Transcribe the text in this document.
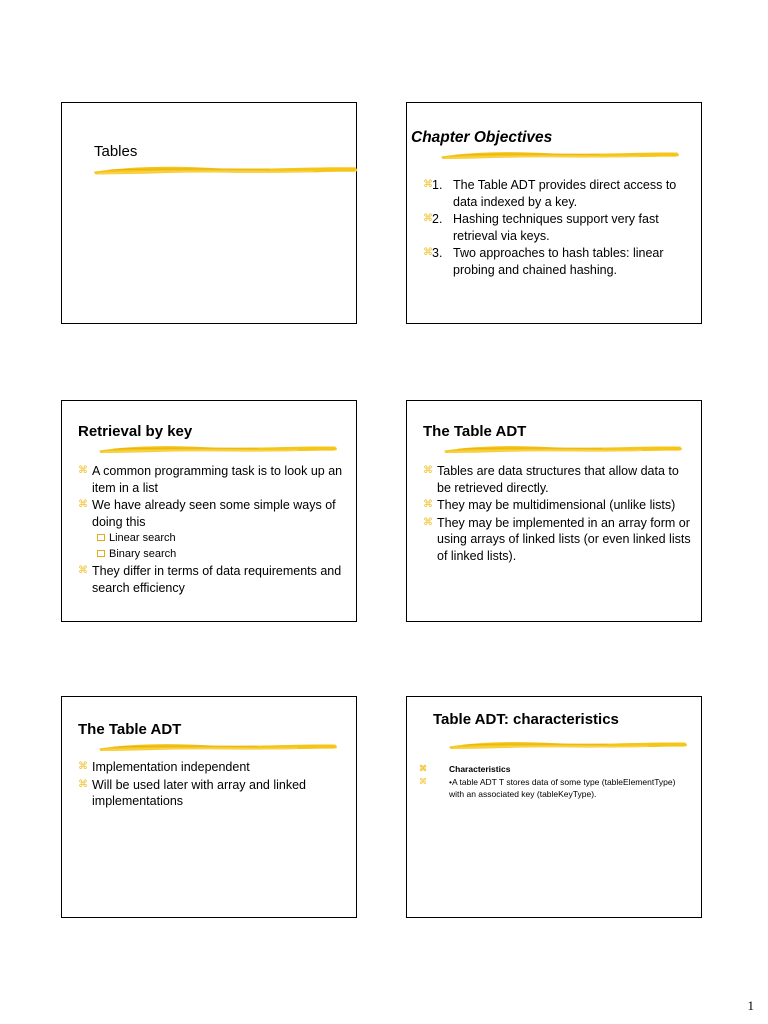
Tables
Chapter Objectives
⌘ 1. The Table ADT provides direct access to data indexed by a key.
⌘ 2. Hashing techniques support very fast retrieval via keys.
⌘ 3. Two approaches to hash tables: linear probing and chained hashing.
Retrieval by key
⌘ A common programming task is to look up an item in a list
⌘ We have already seen some simple ways of doing this
Linear search
Binary search
⌘ They differ in terms of data requirements and search efficiency
The Table ADT
⌘ Tables are data structures that allow data to be retrieved directly.
⌘ They may be multidimensional (unlike lists)
⌘ They may be implemented in an array form or using arrays of linked lists (or even linked lists of linked lists).
The Table ADT
⌘ Implementation independent
⌘ Will be used later with array and linked implementations
Table ADT: characteristics
⌘	Characteristics
⌘	•A table ADT T stores data of some type (tableElementType) with an associated key (tableKeyType).
1
